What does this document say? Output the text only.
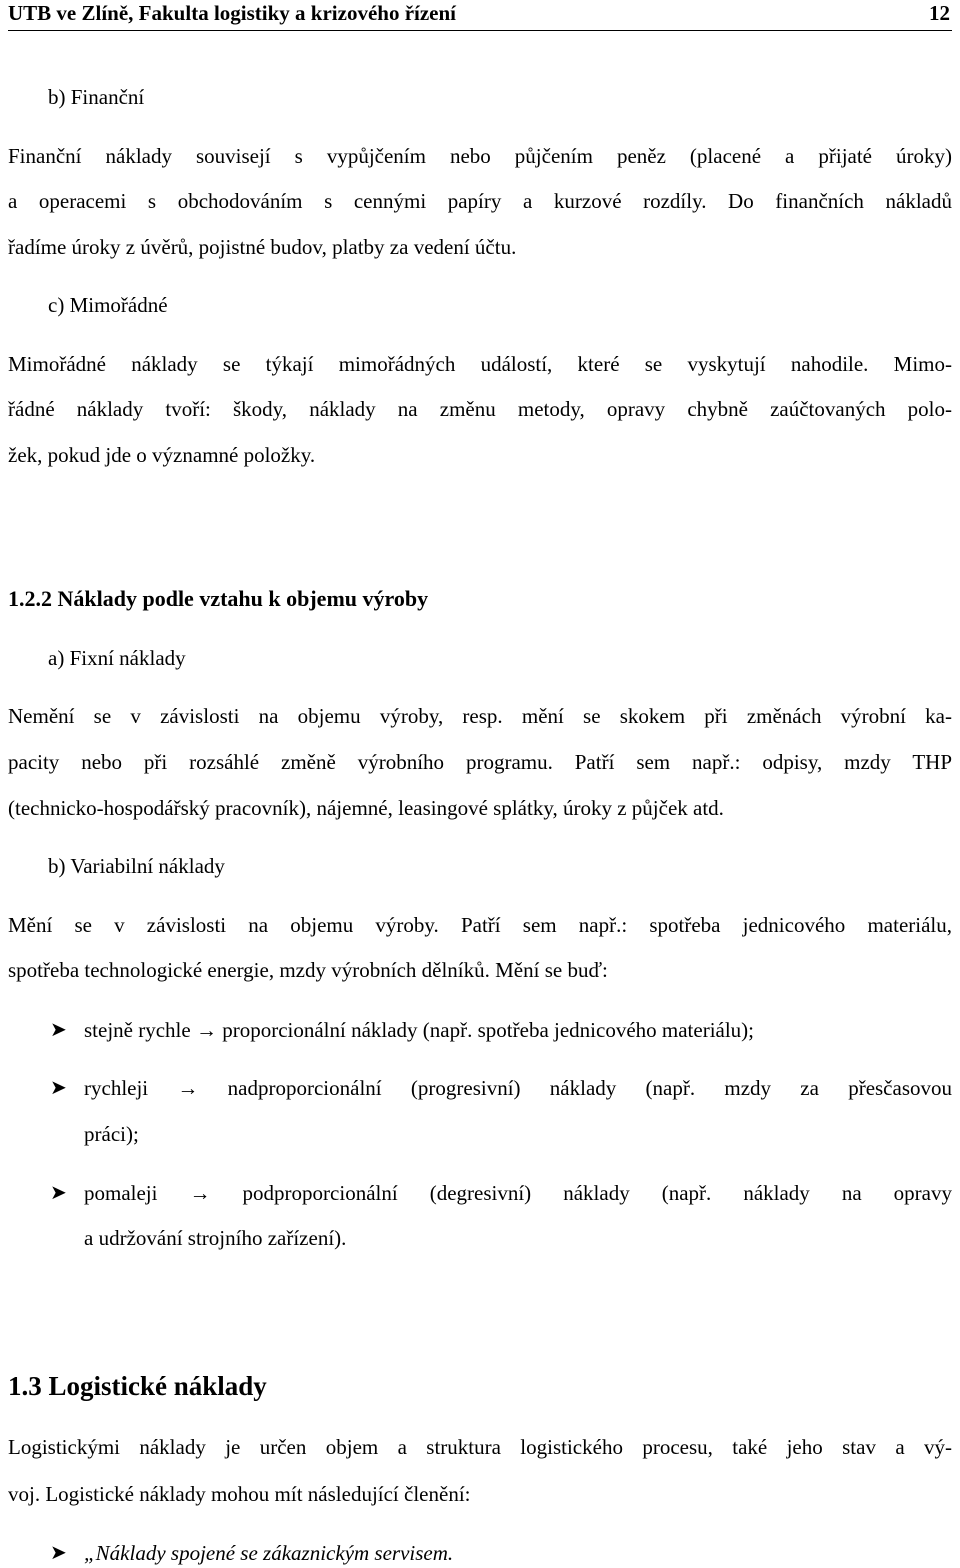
UTB ve Zlíně, Fakulta logistiky a krizového řízení	12
b) Finanční
Finanční náklady souvisejí s vypůjčením nebo půjčením peněz (placené a přijaté úroky)
a operacemi s obchodováním s cennými papíry a kurzové rozdíly. Do finančních nákladů
řadíme úroky z úvěrů, pojistné budov, platby za vedení účtu.
c) Mimořádné
Mimořádné náklady se týkají mimořádných událostí, které se vyskytují nahodile. Mimo-
řádné náklady tvoří: škody, náklady na změnu metody, opravy chybně zaúčtovaných polo-
žek, pokud jde o významné položky.
1.2.2 Náklady podle vztahu k objemu výroby
a) Fixní náklady
Nemění se v závislosti na objemu výroby, resp. mění se skokem při změnách výrobní ka-
pacity nebo při rozsáhlé změně výrobního programu. Patří sem např.: odpisy, mzdy THP
(technicko-hospodářský pracovník), nájemné, leasingové splátky, úroky z půjček atd.
b) Variabilní náklady
Mění se v závislosti na objemu výroby. Patří sem např.: spotřeba jednicového materiálu,
spotřeba technologické energie, mzdy výrobních dělníků. Mění se buď:
➤ stejně rychle → proporcionální náklady (např. spotřeba jednicového materiálu);
➤ rychleji → nadproporcionální (progresivní) náklady (např. mzdy za přesčasovou
práci);
➤ pomaleji → podproporcionální (degresivní) náklady (např. náklady na opravy
a udržování strojního zařízení).
1.3 Logistické náklady
Logistickými náklady je určen objem a struktura logistického procesu, také jeho stav a vý-
voj. Logistické náklady mohou mít následující členění:
➤ „Náklady spojené se zákaznickým servisem.
